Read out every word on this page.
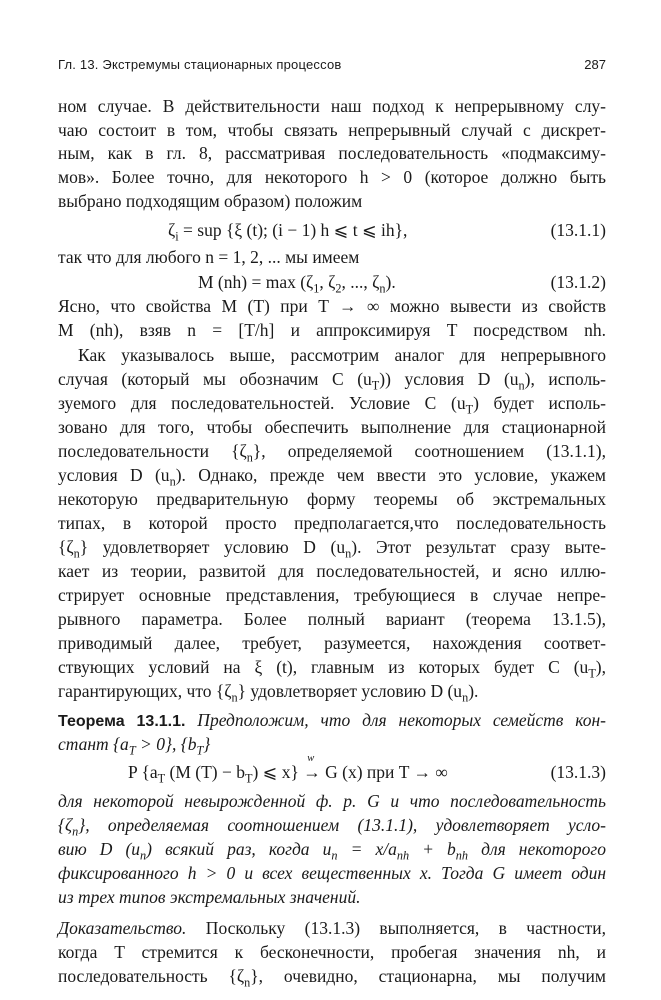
Гл. 13. Экстремумы стационарных процессов	287
ном случае. В действительности наш подход к непрерывному слу-
чаю состоит в том, чтобы связать непрерывный случай с дискрет-
ным, как в гл. 8, рассматривая последовательность «подмаксиму-
мов». Более точно, для некоторого h > 0 (которое должно быть
выбрано подходящим образом) положим
$\zeta_i$ = sup {ξ (t); (i − 1) h ⩽ t ⩽ ih},	(13.1.1)
так что для любого n = 1, 2, ... мы имеем
M $(nh) = \max (\zeta_1$, $\zeta_2$, ..., $\zeta_n$).	(13.1.2)
Ясно, что свойства M (T) при T → ∞ можно вывести из свойств
M (nh), взяв n = [T/h] и аппроксимируя T посредством nh.
Как указывалось выше, рассмотрим аналог для непрерывного
случая (который мы обозначим C $(u_T)$) условия D $(u_n)$, исполь-
зуемого для последовательностей. Условие C $(u_T)$ будет исполь-
зовано для того, чтобы обеспечить выполнение для стационарной
последовательности $\{\zeta_n\}$, определяемой соотношением (13.1.1),
условия D $(u_n)$. Однако, прежде чем ввести это условие, укажем
некоторую предварительную форму теоремы об экстремальных
типах, в которой просто предполагается,что последовательность
$\{\zeta_n\}$ удовлетворяет условию D $(u_n)$. Этот результат сразу выте-
кает из теории, развитой для последовательностей, и ясно иллю-
стрирует основные представления, требующиеся в случае непре-
рывного параметра. Более полный вариант (теорема 13.1.5),
приводимый далее, требует, разумеется, нахождения соответ-
ствующих условий на ξ (t), главным из которых будет C $(u_T)$,
гарантирующих, что $\{\zeta_n\}$ удовлетворяет условию D $(u_n)$.
Теорема 13.1.1. Предположим, что для некоторых семейств кон-
стант $\{a_T > 0\}$, $\{b_T\}$
P {$a_T$ (M $(T) - b_T$) ⩽ x} →
w
G (x) при T → ∞	(13.1.3)
для некоторой невырожденной ф. р. G и что последовательность
$\{\zeta_n\}$, определяемая соотношением (13.1.1), удовлетворяет усло-
вию D $(u_n)$ всякий раз, когда $u_n = x/a_{nh} + b_{nh}$ для некоторого
фиксированного h > 0 и всех вещественных x. Тогда G имеет один
из трех типов экстремальных значений.
Доказательство. Поскольку (13.1.3) выполняется, в частности,
когда T стремится к бесконечности, пробегая значения nh, и
последовательность $\{\zeta_n\}$, очевидно, стационарна, мы получим
